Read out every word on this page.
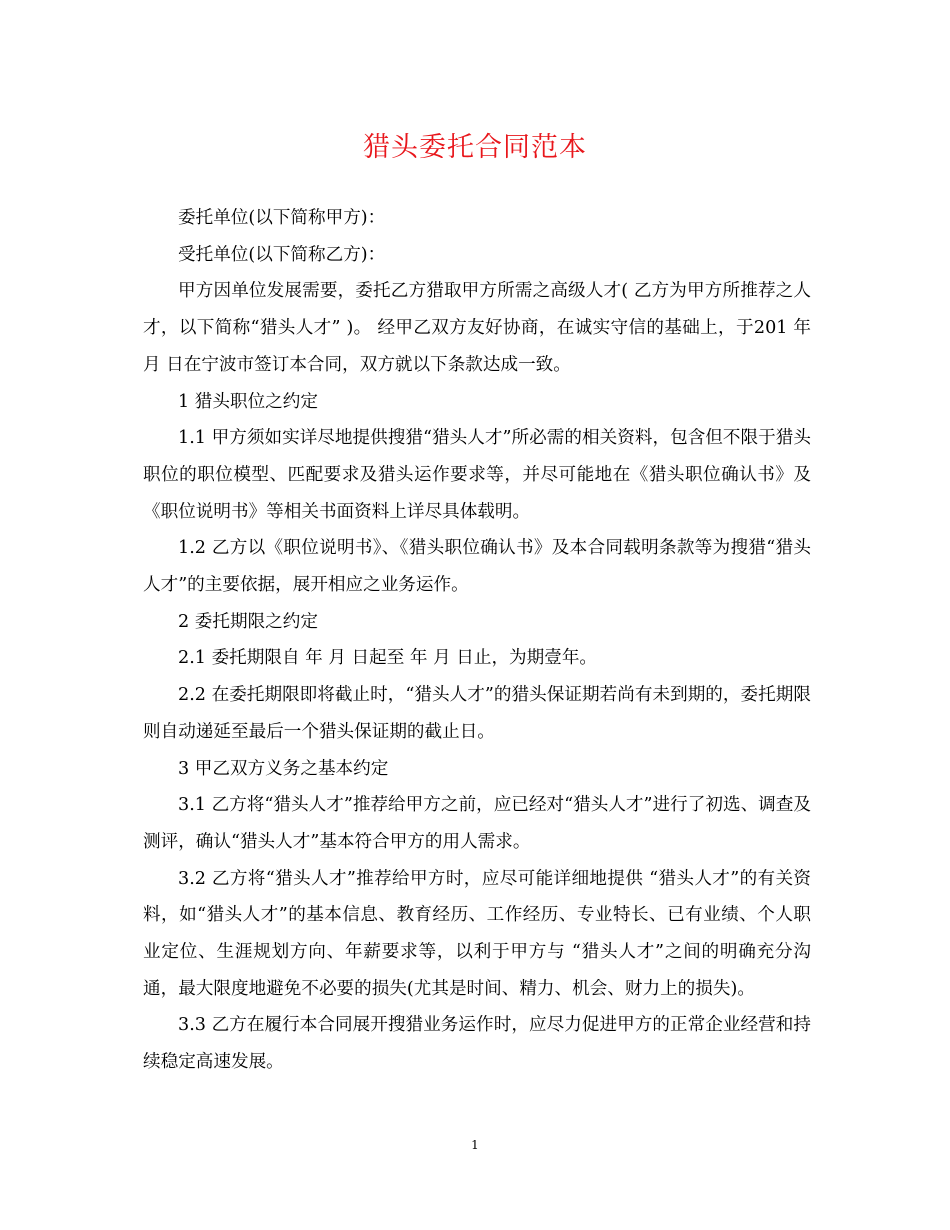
猎头委托合同范本

委托单位(以下简称甲方)：

受托单位(以下简称乙方)：

甲方因单位发展需要，委托乙方猎取甲方所需之高级人才( 乙方为甲方所推荐之人才，以下简称“猎头人才” )。 经甲乙双方友好协商，在诚实守信的基础上，于201 年 月 日在宁波市签订本合同，双方就以下条款达成一致。

1 猎头职位之约定

1.1 甲方须如实详尽地提供搜猎“猎头人才”所必需的相关资料，包含但不限于猎头职位的职位模型、匹配要求及猎头运作要求等，并尽可能地在《猎头职位确认书》及《职位说明书》等相关书面资料上详尽具体载明。

1.2 乙方以《职位说明书》、《猎头职位确认书》及本合同载明条款等为搜猎“猎头人才”的主要依据，展开相应之业务运作。

2 委托期限之约定

2.1 委托期限自 年 月 日起至 年 月 日止，为期壹年。

2.2 在委托期限即将截止时，“猎头人才”的猎头保证期若尚有未到期的，委托期限则自动递延至最后一个猎头保证期的截止日。

3 甲乙双方义务之基本约定

3.1 乙方将“猎头人才”推荐给甲方之前，应已经对“猎头人才”进行了初选、调查及测评，确认“猎头人才”基本符合甲方的用人需求。

3.2 乙方将“猎头人才”推荐给甲方时，应尽可能详细地提供 “猎头人才”的有关资料，如“猎头人才”的基本信息、教育经历、工作经历、专业特长、已有业绩、个人职业定位、生涯规划方向、年薪要求等，以利于甲方与 “猎头人才”之间的明确充分沟通，最大限度地避免不必要的损失(尤其是时间、精力、机会、财力上的损失)。

3.3 乙方在履行本合同展开搜猎业务运作时，应尽力促进甲方的正常企业经营和持续稳定高速发展。

1
